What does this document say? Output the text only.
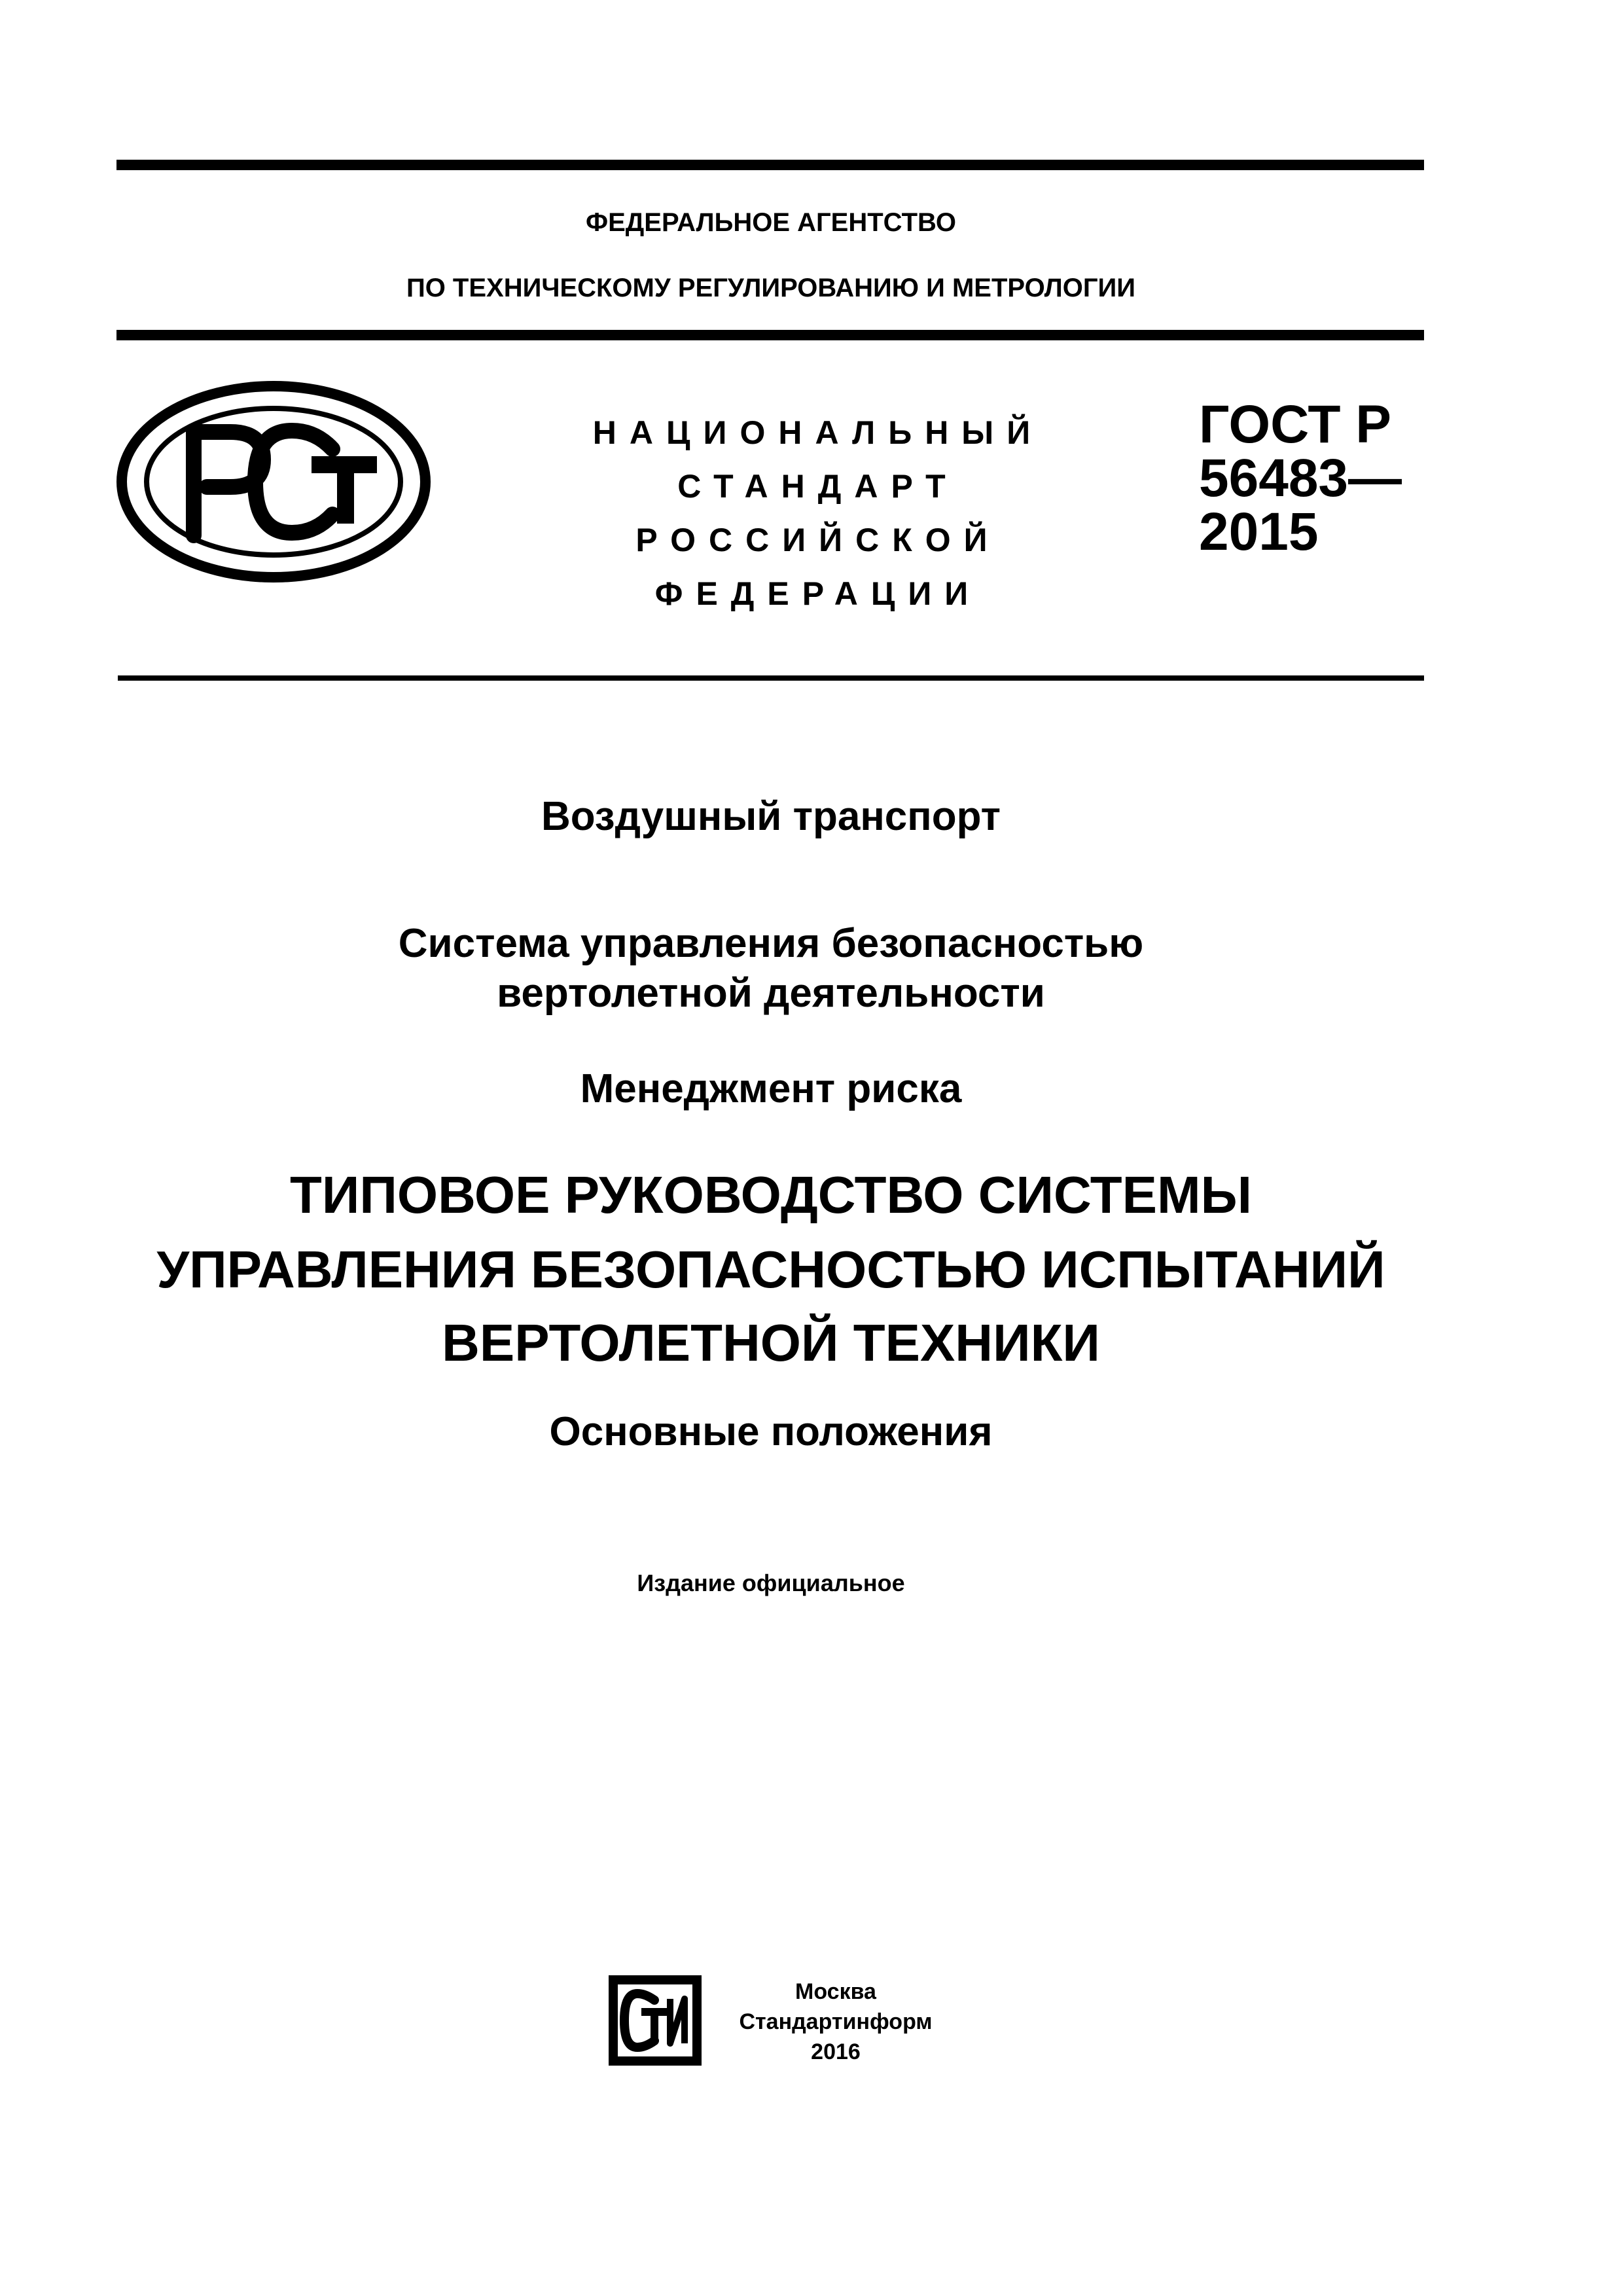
ФЕДЕРАЛЬНОЕ АГЕНТСТВО
ПО ТЕХНИЧЕСКОМУ РЕГУЛИРОВАНИЮ И МЕТРОЛОГИИ
НАЦИОНАЛЬНЫЙ
СТАНДАРТ
РОССИЙСКОЙ
ФЕДЕРАЦИИ
ГОСТ Р
56483—
2015
Воздушный транспорт
Система управления безопасностью
вертолетной деятельности
Менеджмент риска
ТИПОВОЕ РУКОВОДСТВО СИСТЕМЫ
УПРАВЛЕНИЯ БЕЗОПАСНОСТЬЮ ИСПЫТАНИЙ
ВЕРТОЛЕТНОЙ ТЕХНИКИ
Основные положения
Издание официальное
Москва
Стандартинформ
2016
